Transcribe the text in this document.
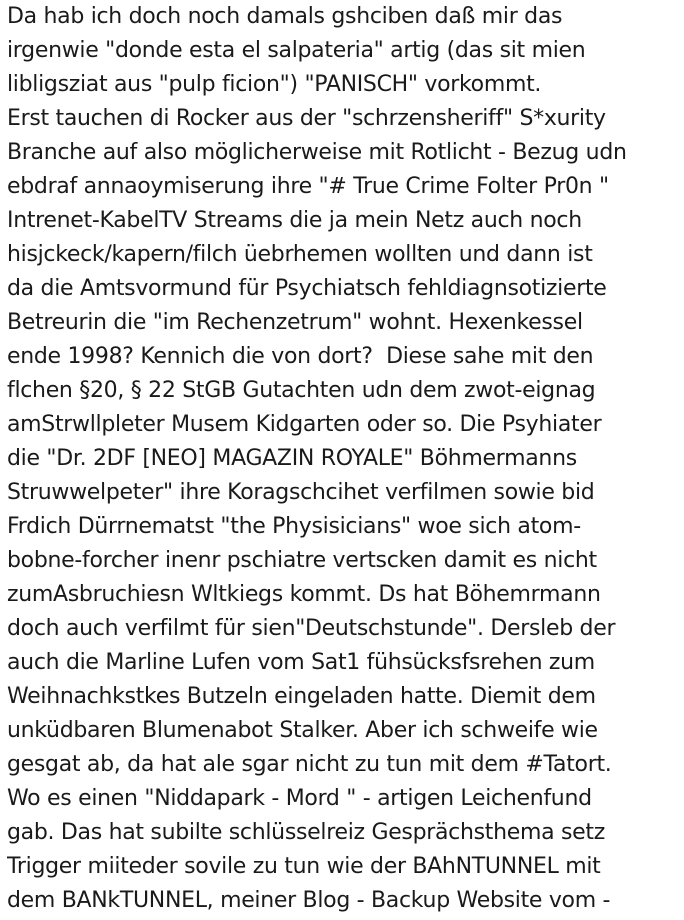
Da hab ich doch noch damals gshciben daß mir das
irgenwie "donde esta el salpateria" artig (das sit mien
libligsziat aus "pulp ficion") "PANISCH" vorkommt.
Erst tauchen di Rocker aus der "schrzensheriff" S*xurity
Branche auf also möglicherweise mit Rotlicht - Bezug udn
ebdraf annaoymiserung ihre "# True Crime Folter Pr0n "
Intrenet-KabelTV Streams die ja mein Netz auch noch
hisjckeck/kapern/filch üebrhemen wollten und dann ist
da die Amtsvormund für Psychiatsch fehldiagnsotizierte
Betreurin die "im Rechenzetrum" wohnt. Hexenkessel
ende 1998? Kennich die von dort?  Diese sahe mit den
flchen §20, § 22 StGB Gutachten udn dem zwot-eignag
amStrwllpleter Musem Kidgarten oder so. Die Psyhiater
die "Dr. 2DF [NEO] MAGAZIN ROYALE" Böhmermanns
Struwwelpeter" ihre Koragschcihet verfilmen sowie bid
Frdich Dürrnematst "the Physisicians" woe sich atom-
bobne-forcher inenr pschiatre vertscken damit es nicht
zumAsbruchiesn Wltkiegs kommt. Ds hat Böhemrmann
doch auch verfilmt für sien"Deutschstunde". Dersleb der
auch die Marline Lufen vom Sat1 fühsücksfsrehen zum
Weihnachkstkes Butzeln eingeladen hatte. Diemit dem
unküdbaren Blumenabot Stalker. Aber ich schweife wie
gesgat ab, da hat ale sgar nicht zu tun mit dem #Tatort.
Wo es einen "Niddapark - Mord " - artigen Leichenfund
gab. Das hat subilte schlüsselreiz Gesprächsthema setz
Trigger miiteder sovile zu tun wie der BAhNTUNNEL mit
dem BANkTUNNEL, meiner Blog - Backup Website vom -
